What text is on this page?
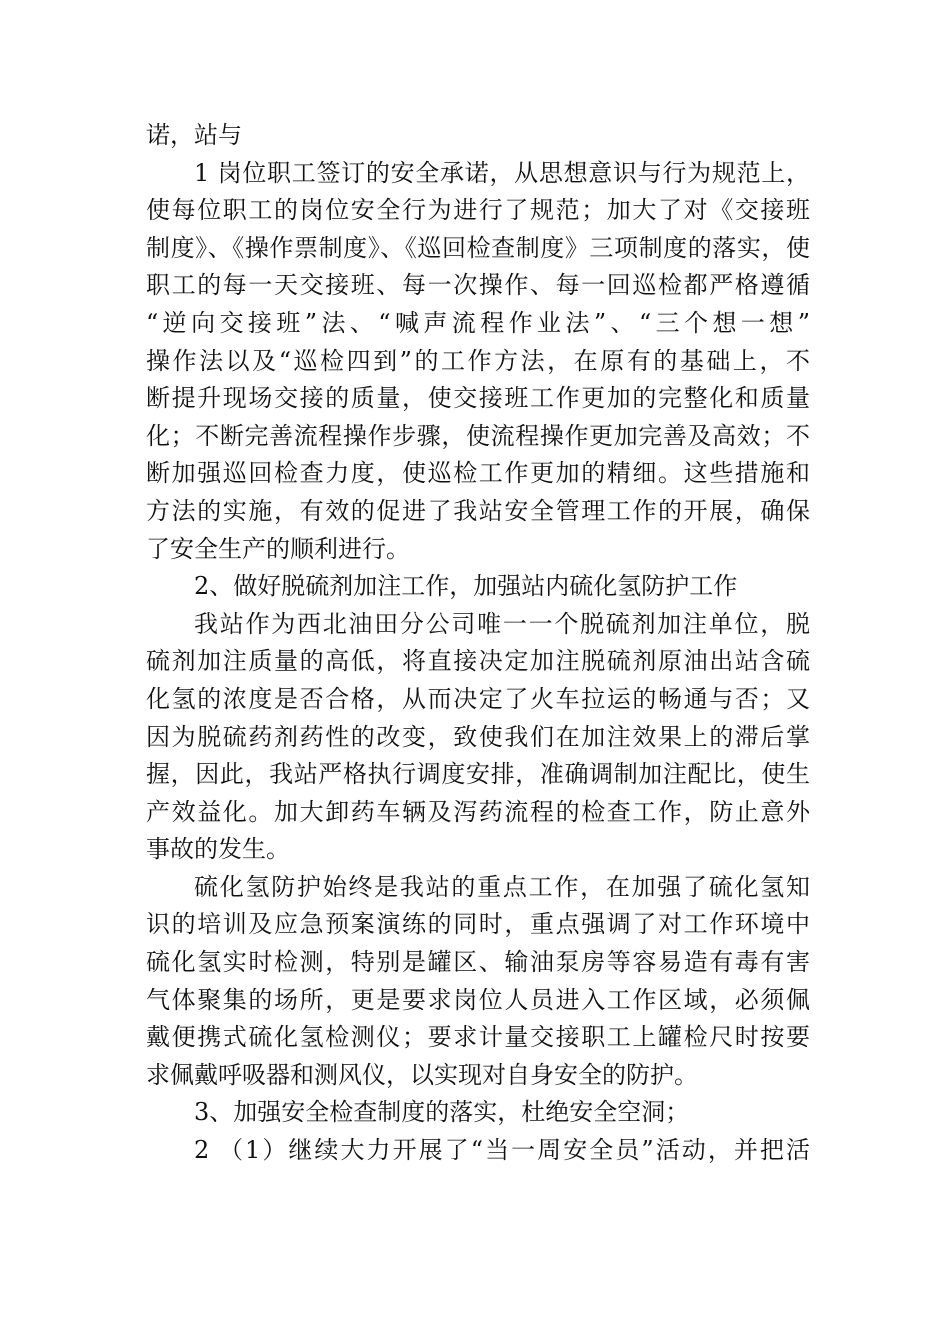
诺，站与
1 岗位职工签订的安全承诺，从思想意识与行为规范上，
使每位职工的岗位安全行为进行了规范；加大了对《交接班
制度》、《操作票制度》、《巡回检查制度》三项制度的落实，使
职工的每一天交接班、每一次操作、每一回巡检都严格遵循
“逆向交接班”法、“喊声流程作业法”、“三个想一想”
操作法以及“巡检四到”的工作方法，在原有的基础上，不
断提升现场交接的质量，使交接班工作更加的完整化和质量
化；不断完善流程操作步骤，使流程操作更加完善及高效；不
断加强巡回检查力度，使巡检工作更加的精细。这些措施和
方法的实施，有效的促进了我站安全管理工作的开展，确保
了安全生产的顺利进行。
2、做好脱硫剂加注工作，加强站内硫化氢防护工作
我站作为西北油田分公司唯一一个脱硫剂加注单位，脱
硫剂加注质量的高低，将直接决定加注脱硫剂原油出站含硫
化氢的浓度是否合格，从而决定了火车拉运的畅通与否；又
因为脱硫药剂药性的改变，致使我们在加注效果上的滞后掌
握，因此，我站严格执行调度安排，准确调制加注配比，使生
产效益化。加大卸药车辆及泻药流程的检查工作，防止意外
事故的发生。
硫化氢防护始终是我站的重点工作，在加强了硫化氢知
识的培训及应急预案演练的同时，重点强调了对工作环境中
硫化氢实时检测，特别是罐区、输油泵房等容易造有毒有害
气体聚集的场所，更是要求岗位人员进入工作区域，必须佩
戴便携式硫化氢检测仪；要求计量交接职工上罐检尺时按要
求佩戴呼吸器和测风仪，以实现对自身安全的防护。
3、加强安全检查制度的落实，杜绝安全空洞；
2 （1）继续大力开展了“当一周安全员”活动，并把活
